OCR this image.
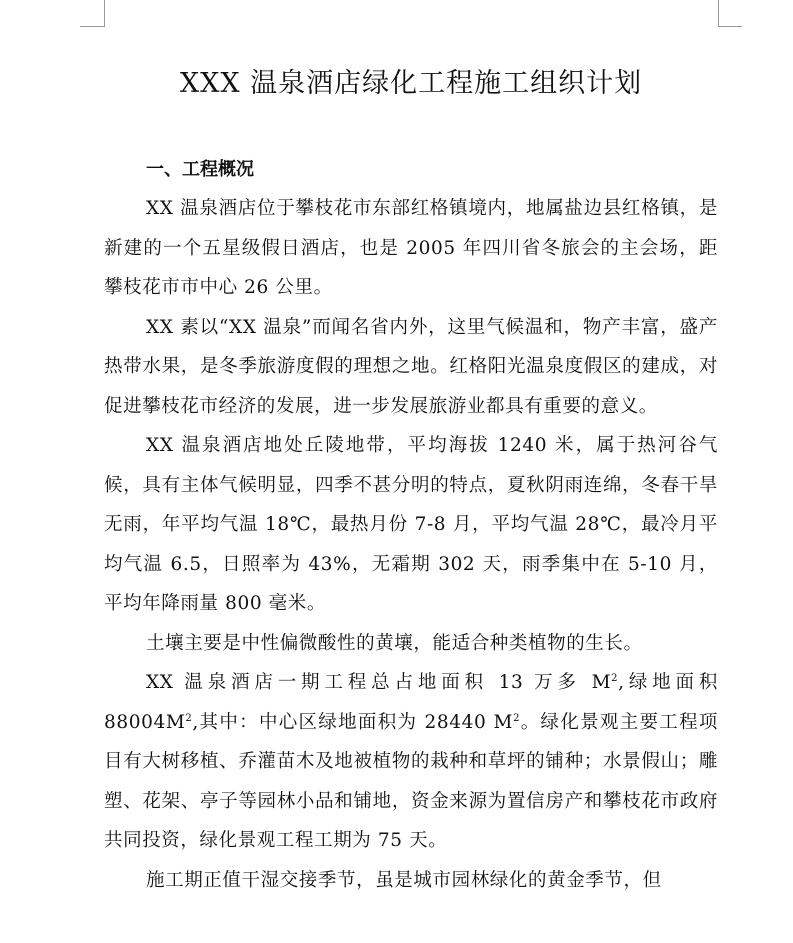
XXX 温泉酒店绿化工程施工组织计划

一、工程概况

XX 温泉酒店位于攀枝花市东部红格镇境内，地属盐边县红格镇，是新建的一个五星级假日酒店，也是 2005 年四川省冬旅会的主会场，距攀枝花市市中心 26 公里。

XX 素以“XX 温泉”而闻名省内外，这里气候温和，物产丰富，盛产热带水果，是冬季旅游度假的理想之地。红格阳光温泉度假区的建成，对促进攀枝花市经济的发展，进一步发展旅游业都具有重要的意义。

XX 温泉酒店地处丘陵地带，平均海拔 1240 米，属于热河谷气候，具有主体气候明显，四季不甚分明的特点，夏秋阴雨连绵，冬春干旱无雨，年平均气温 18℃，最热月份 7-8 月，平均气温 28℃，最冷月平均气温 6.5，日照率为 43%，无霜期 302 天，雨季集中在 5-10 月，平均年降雨量 800 毫米。

土壤主要是中性偏微酸性的黄壤，能适合种类植物的生长。

XX 温泉酒店一期工程总占地面积 13 万多 $M^2$,绿地面积 $88004M^2$,其中：中心区绿地面积为 28440 $M^2$。绿化景观主要工程项目有大树移植、乔灌苗木及地被植物的栽种和草坪的铺种；水景假山；雕塑、花架、亭子等园林小品和铺地，资金来源为置信房产和攀枝花市政府共同投资，绿化景观工程工期为 75 天。

施工期正值干湿交接季节，虽是城市园林绿化的黄金季节，但
